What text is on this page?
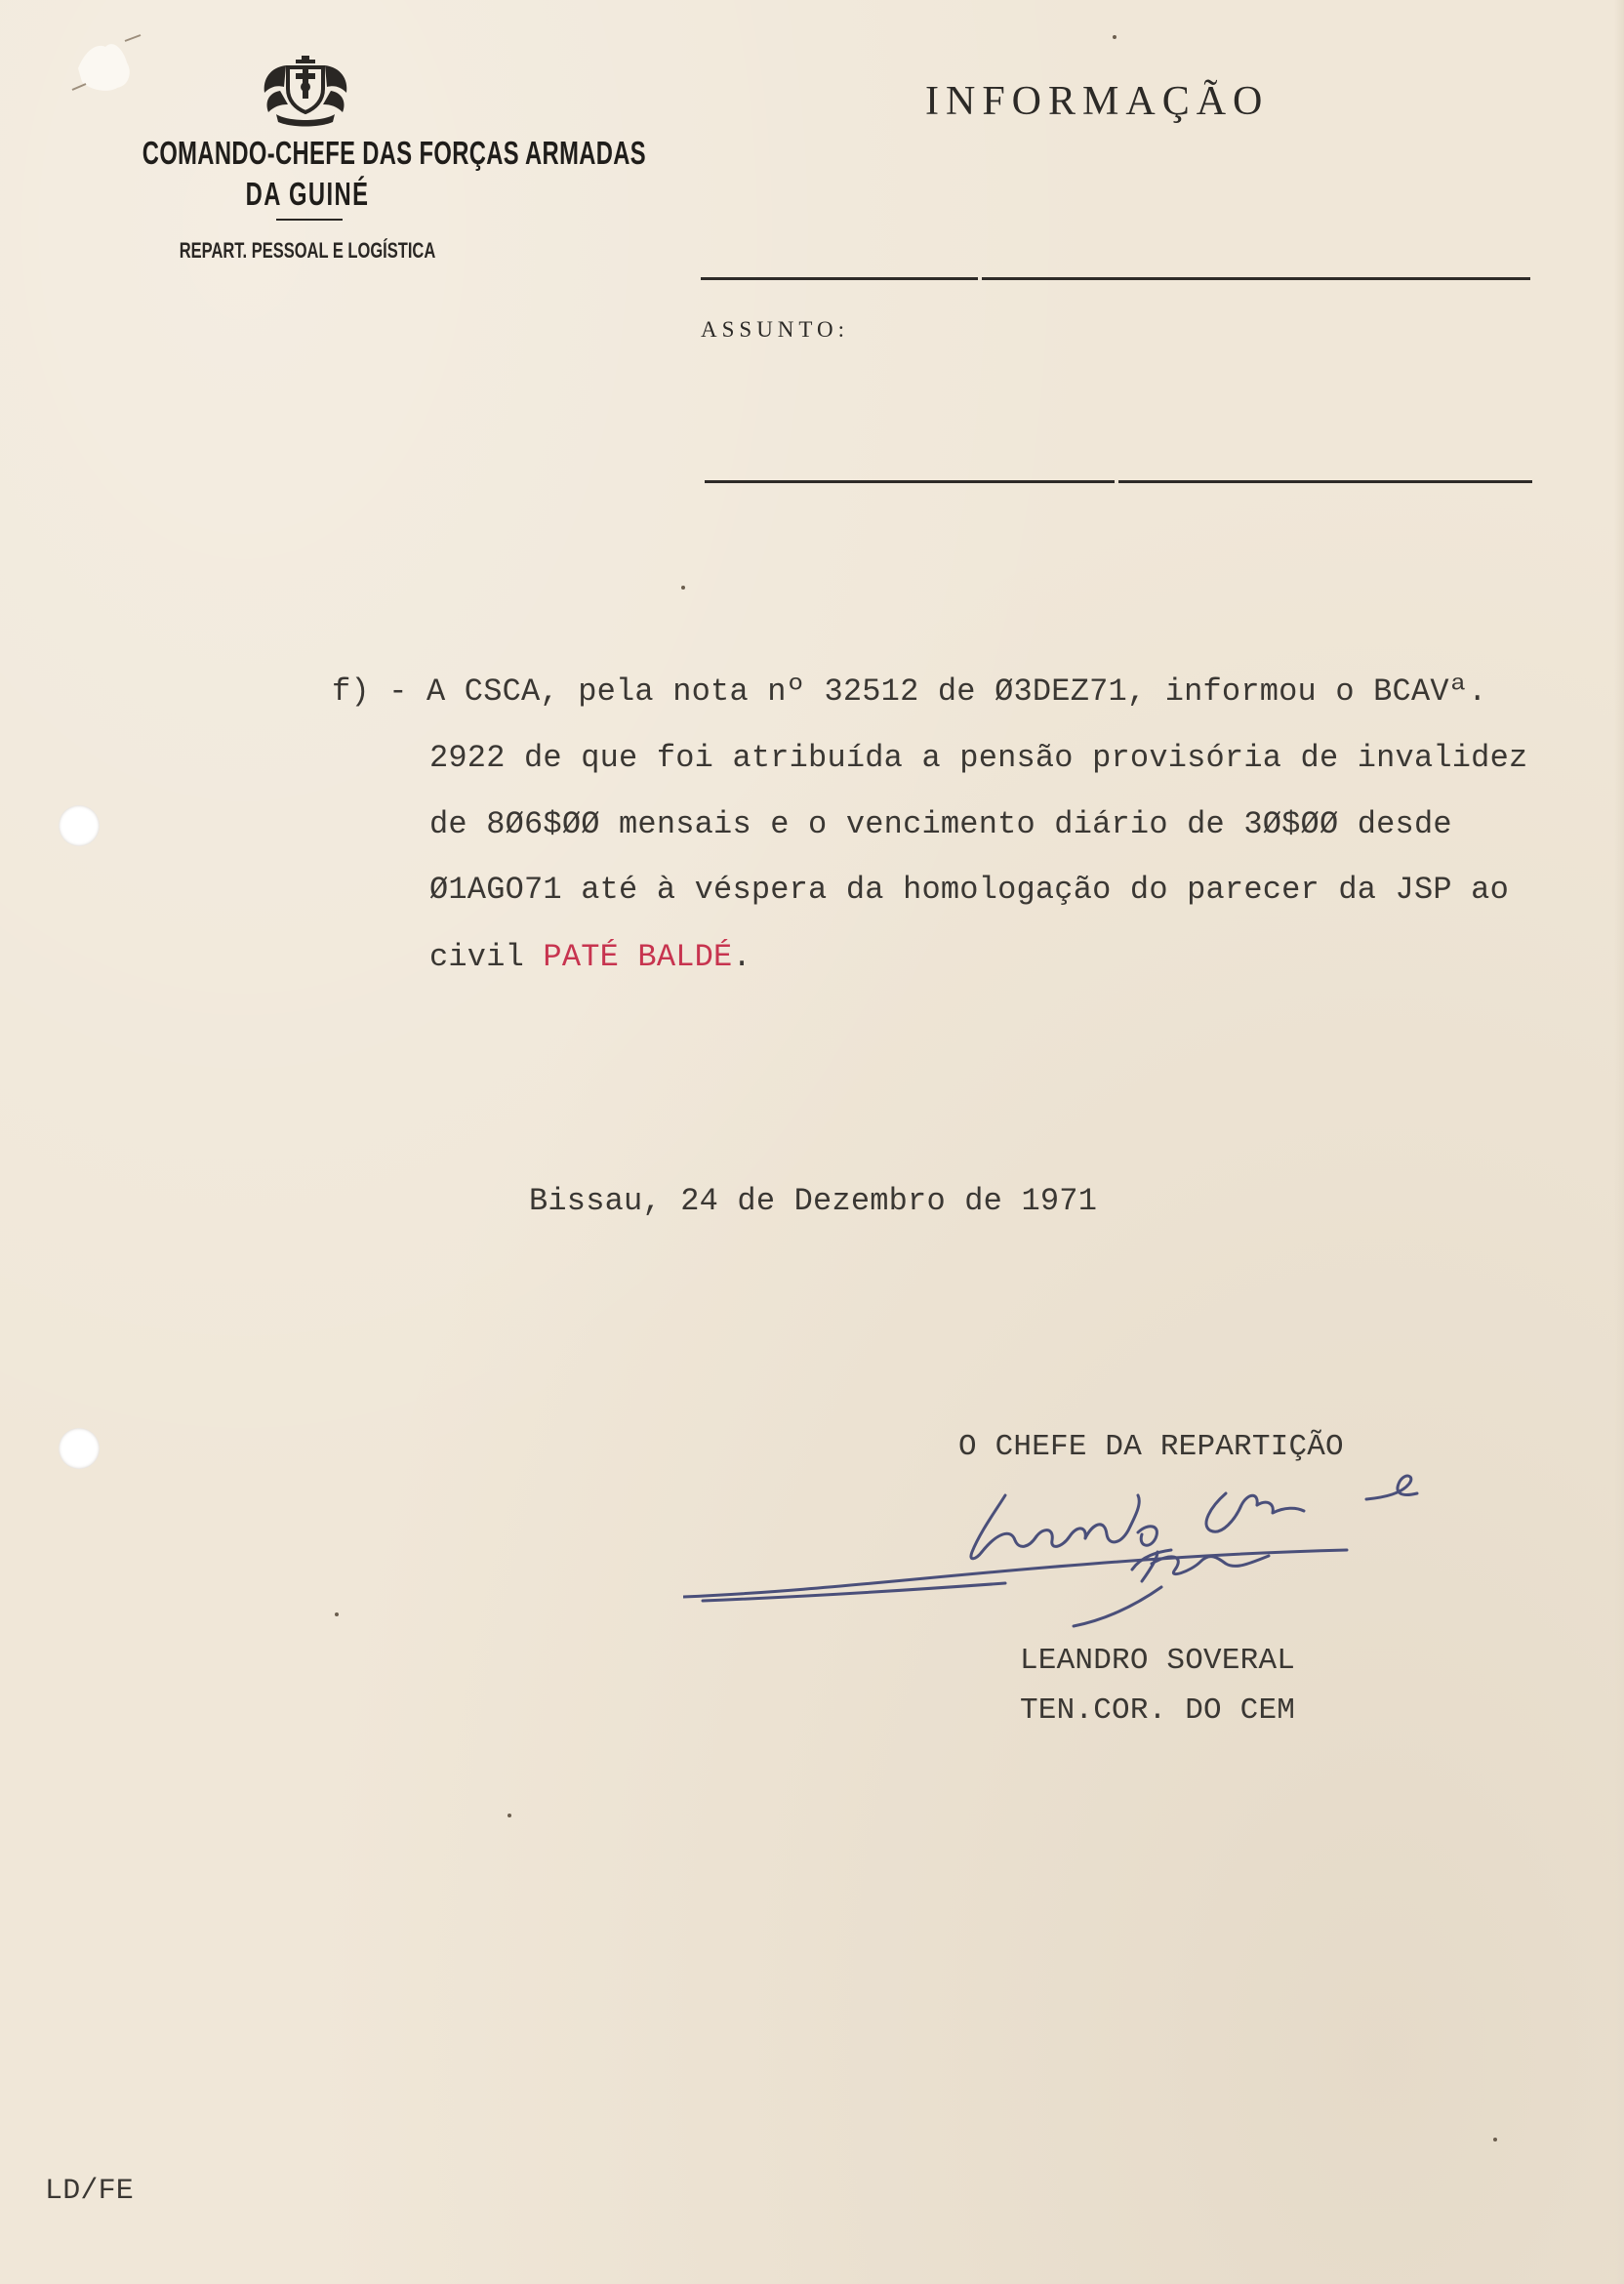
COMANDO-CHEFE DAS FORÇAS ARMADAS
DA GUINÉ
REPART. PESSOAL E LOGÍSTICA
INFORMAÇÃO
ASSUNTO:
f) - A CSCA, pela nota nº 32512 de Ø3DEZ71, informou o BCAVª.
2922 de que foi atribuída a pensão provisória de invalidez
de 8Ø6$ØØ mensais e o vencimento diário de 3Ø$ØØ desde
Ø1AGO71 até à véspera da homologação do parecer da JSP ao
civil PATÉ BALDÉ.
Bissau, 24 de Dezembro de 1971
O CHEFE DA REPARTIÇÃO
LEANDRO SOVERAL
TEN.COR. DO CEM
LD/FE
